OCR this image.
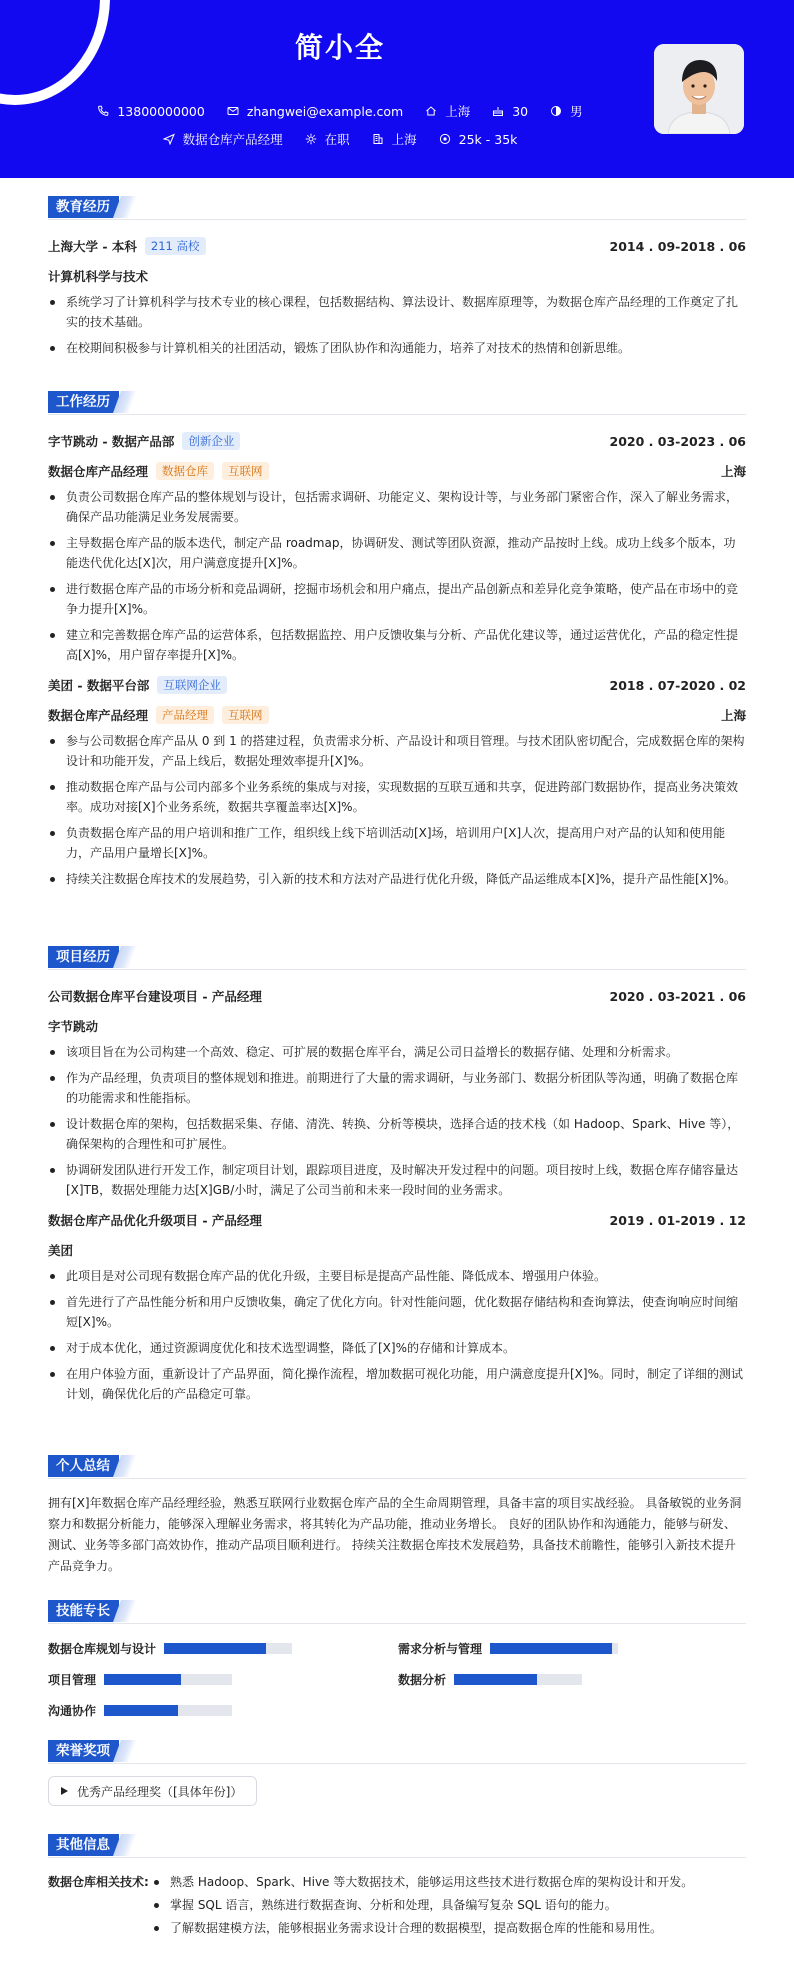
简小全
13800000000	zhangwei@example.com	上海	30	男
数据仓库产品经理	在职	上海	25k - 35k
教育经历
上海大学 - 本科	211 高校	2014 . 09-2018 . 06
计算机科学与技术
系统学习了计算机科学与技术专业的核心课程，包括数据结构、算法设计、数据库原理等，为数据仓库产品经理的工作奠定了扎实的技术基础。
在校期间积极参与计算机相关的社团活动，锻炼了团队协作和沟通能力，培养了对技术的热情和创新思维。
工作经历
字节跳动 - 数据产品部	创新企业	2020 . 03-2023 . 06
数据仓库产品经理	数据仓库	互联网	上海
负责公司数据仓库产品的整体规划与设计，包括需求调研、功能定义、架构设计等，与业务部门紧密合作，深入了解业务需求，确保产品功能满足业务发展需要。
主导数据仓库产品的版本迭代，制定产品 roadmap，协调研发、测试等团队资源，推动产品按时上线。成功上线多个版本，功能迭代优化达[X]次，用户满意度提升[X]%。
进行数据仓库产品的市场分析和竞品调研，挖掘市场机会和用户痛点，提出产品创新点和差异化竞争策略，使产品在市场中的竞争力提升[X]%。
建立和完善数据仓库产品的运营体系，包括数据监控、用户反馈收集与分析、产品优化建议等，通过运营优化，产品的稳定性提高[X]%，用户留存率提升[X]%。
美团 - 数据平台部	互联网企业	2018 . 07-2020 . 02
数据仓库产品经理	产品经理	互联网	上海
参与公司数据仓库产品从 0 到 1 的搭建过程，负责需求分析、产品设计和项目管理。与技术团队密切配合，完成数据仓库的架构设计和功能开发，产品上线后，数据处理效率提升[X]%。
推动数据仓库产品与公司内部多个业务系统的集成与对接，实现数据的互联互通和共享，促进跨部门数据协作，提高业务决策效率。成功对接[X]个业务系统，数据共享覆盖率达[X]%。
负责数据仓库产品的用户培训和推广工作，组织线上线下培训活动[X]场，培训用户[X]人次，提高用户对产品的认知和使用能力，产品用户量增长[X]%。
持续关注数据仓库技术的发展趋势，引入新的技术和方法对产品进行优化升级，降低产品运维成本[X]%，提升产品性能[X]%。
项目经历
公司数据仓库平台建设项目 - 产品经理	2020 . 03-2021 . 06
字节跳动
该项目旨在为公司构建一个高效、稳定、可扩展的数据仓库平台，满足公司日益增长的数据存储、处理和分析需求。
作为产品经理，负责项目的整体规划和推进。前期进行了大量的需求调研，与业务部门、数据分析团队等沟通，明确了数据仓库的功能需求和性能指标。
设计数据仓库的架构，包括数据采集、存储、清洗、转换、分析等模块，选择合适的技术栈（如 Hadoop、Spark、Hive 等），确保架构的合理性和可扩展性。
协调研发团队进行开发工作，制定项目计划，跟踪项目进度，及时解决开发过程中的问题。项目按时上线，数据仓库存储容量达[X]TB，数据处理能力达[X]GB/小时，满足了公司当前和未来一段时间的业务需求。
数据仓库产品优化升级项目 - 产品经理	2019 . 01-2019 . 12
美团
此项目是对公司现有数据仓库产品的优化升级，主要目标是提高产品性能、降低成本、增强用户体验。
首先进行了产品性能分析和用户反馈收集，确定了优化方向。针对性能问题，优化数据存储结构和查询算法，使查询响应时间缩短[X]%。
对于成本优化，通过资源调度优化和技术选型调整，降低了[X]%的存储和计算成本。
在用户体验方面，重新设计了产品界面，简化操作流程，增加数据可视化功能，用户满意度提升[X]%。同时，制定了详细的测试计划，确保优化后的产品稳定可靠。
个人总结

拥有[X]年数据仓库产品经理经验，熟悉互联网行业数据仓库产品的全生命周期管理，具备丰富的项目实战经验。 具备敏锐的业务洞察力和数据分析能力，能够深入理解业务需求，将其转化为产品功能，推动业务增长。 良好的团队协作和沟通能力，能够与研发、测试、业务等多部门高效协作，推动产品项目顺利进行。 持续关注数据仓库技术发展趋势，具备技术前瞻性，能够引入新技术提升产品竞争力。

技能专长
数据仓库规划与设计	需求分析与管理
项目管理	数据分析
沟通协作
荣誉奖项
优秀产品经理奖（[具体年份]）
其他信息
数据仓库相关技术:	熟悉 Hadoop、Spark、Hive 等大数据技术，能够运用这些技术进行数据仓库的架构设计和开发。
掌握 SQL 语言，熟练进行数据查询、分析和处理，具备编写复杂 SQL 语句的能力。
了解数据建模方法，能够根据业务需求设计合理的数据模型，提高数据仓库的性能和易用性。
